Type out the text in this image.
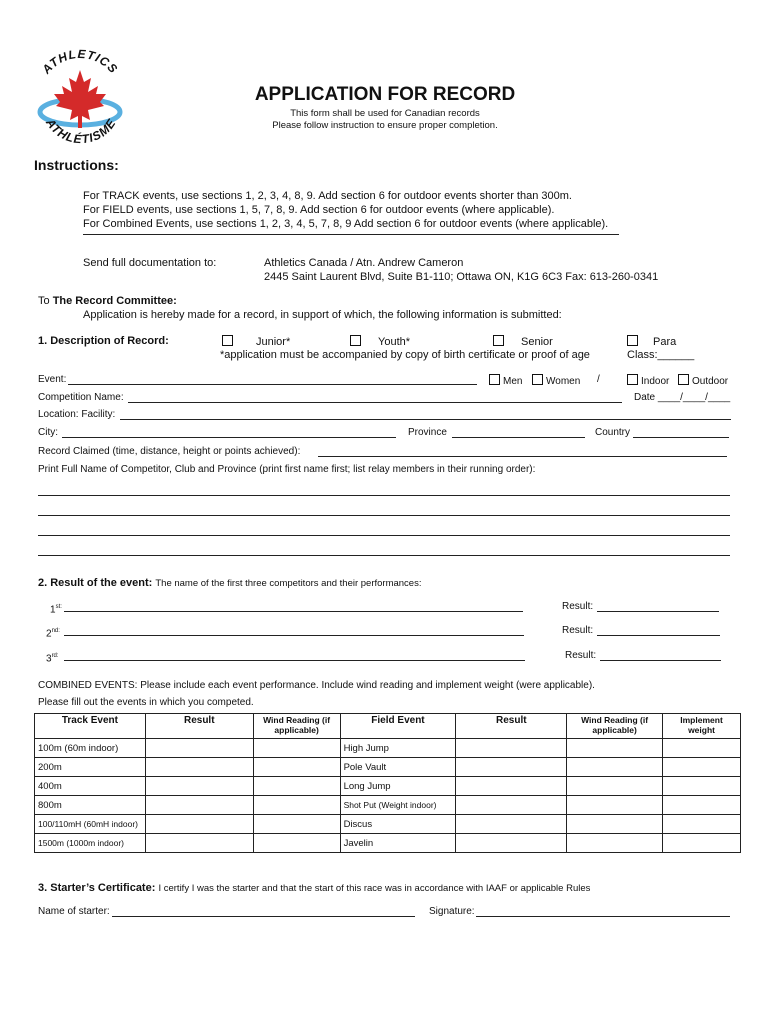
ATHLETICS
ATHLÉTISME
APPLICATION FOR RECORD
This form shall be used for Canadian records
Please follow instruction to ensure proper completion.
Instructions:
For TRACK events, use sections 1, 2, 3, 4, 8, 9. Add section 6 for outdoor events shorter than 300m.
For FIELD events, use sections 1, 5, 7, 8, 9. Add section 6 for outdoor events (where applicable).
For Combined Events, use sections 1, 2, 3, 4, 5, 7, 8, 9 Add section 6 for outdoor events (where applicable).
Send full documentation to:	Athletics Canada / Atn. Andrew Cameron
2445 Saint Laurent Blvd, Suite B1-110; Ottawa ON, K1G 6C3 Fax: 613-260-0341
To The Record Committee:
Application is hereby made for a record, in support of which, the following information is submitted:
1. Description of Record:	Junior*	Youth*	Senior	Para
*application must be accompanied by copy of birth certificate or proof of age	Class:______
Event:	Men	Women /	Indoor	Outdoor
Competition Name:	Date ____/____/____
Location: Facility:
City:	Province	Country
Record Claimed (time, distance, height or points achieved):
Print Full Name of Competitor, Club and Province (print first name first; list relay members in their running order):
2. Result of the event: The name of the first three competitors and their performances:
$1^{st:}$	Result:
$2^{nd:}$	Result:
$3^{rd:}$	Result:
COMBINED EVENTS: Please include each event performance. Include wind reading and implement weight (were applicable).
Please fill out the events in which you competed.
Track Event	Result	Wind Reading (if applicable)	Field Event	Result	Wind Reading (if applicable)	Implement weight
100m (60m indoor)			High Jump			
200m			Pole Vault			
400m			Long Jump			
800m			Shot Put (Weight indoor)			
100/110mH (60mH indoor)			Discus			
1500m (1000m indoor)			Javelin			
3. Starter’s Certificate: I certify I was the starter and that the start of this race was in accordance with IAAF or applicable Rules
Name of starter:	Signature:
